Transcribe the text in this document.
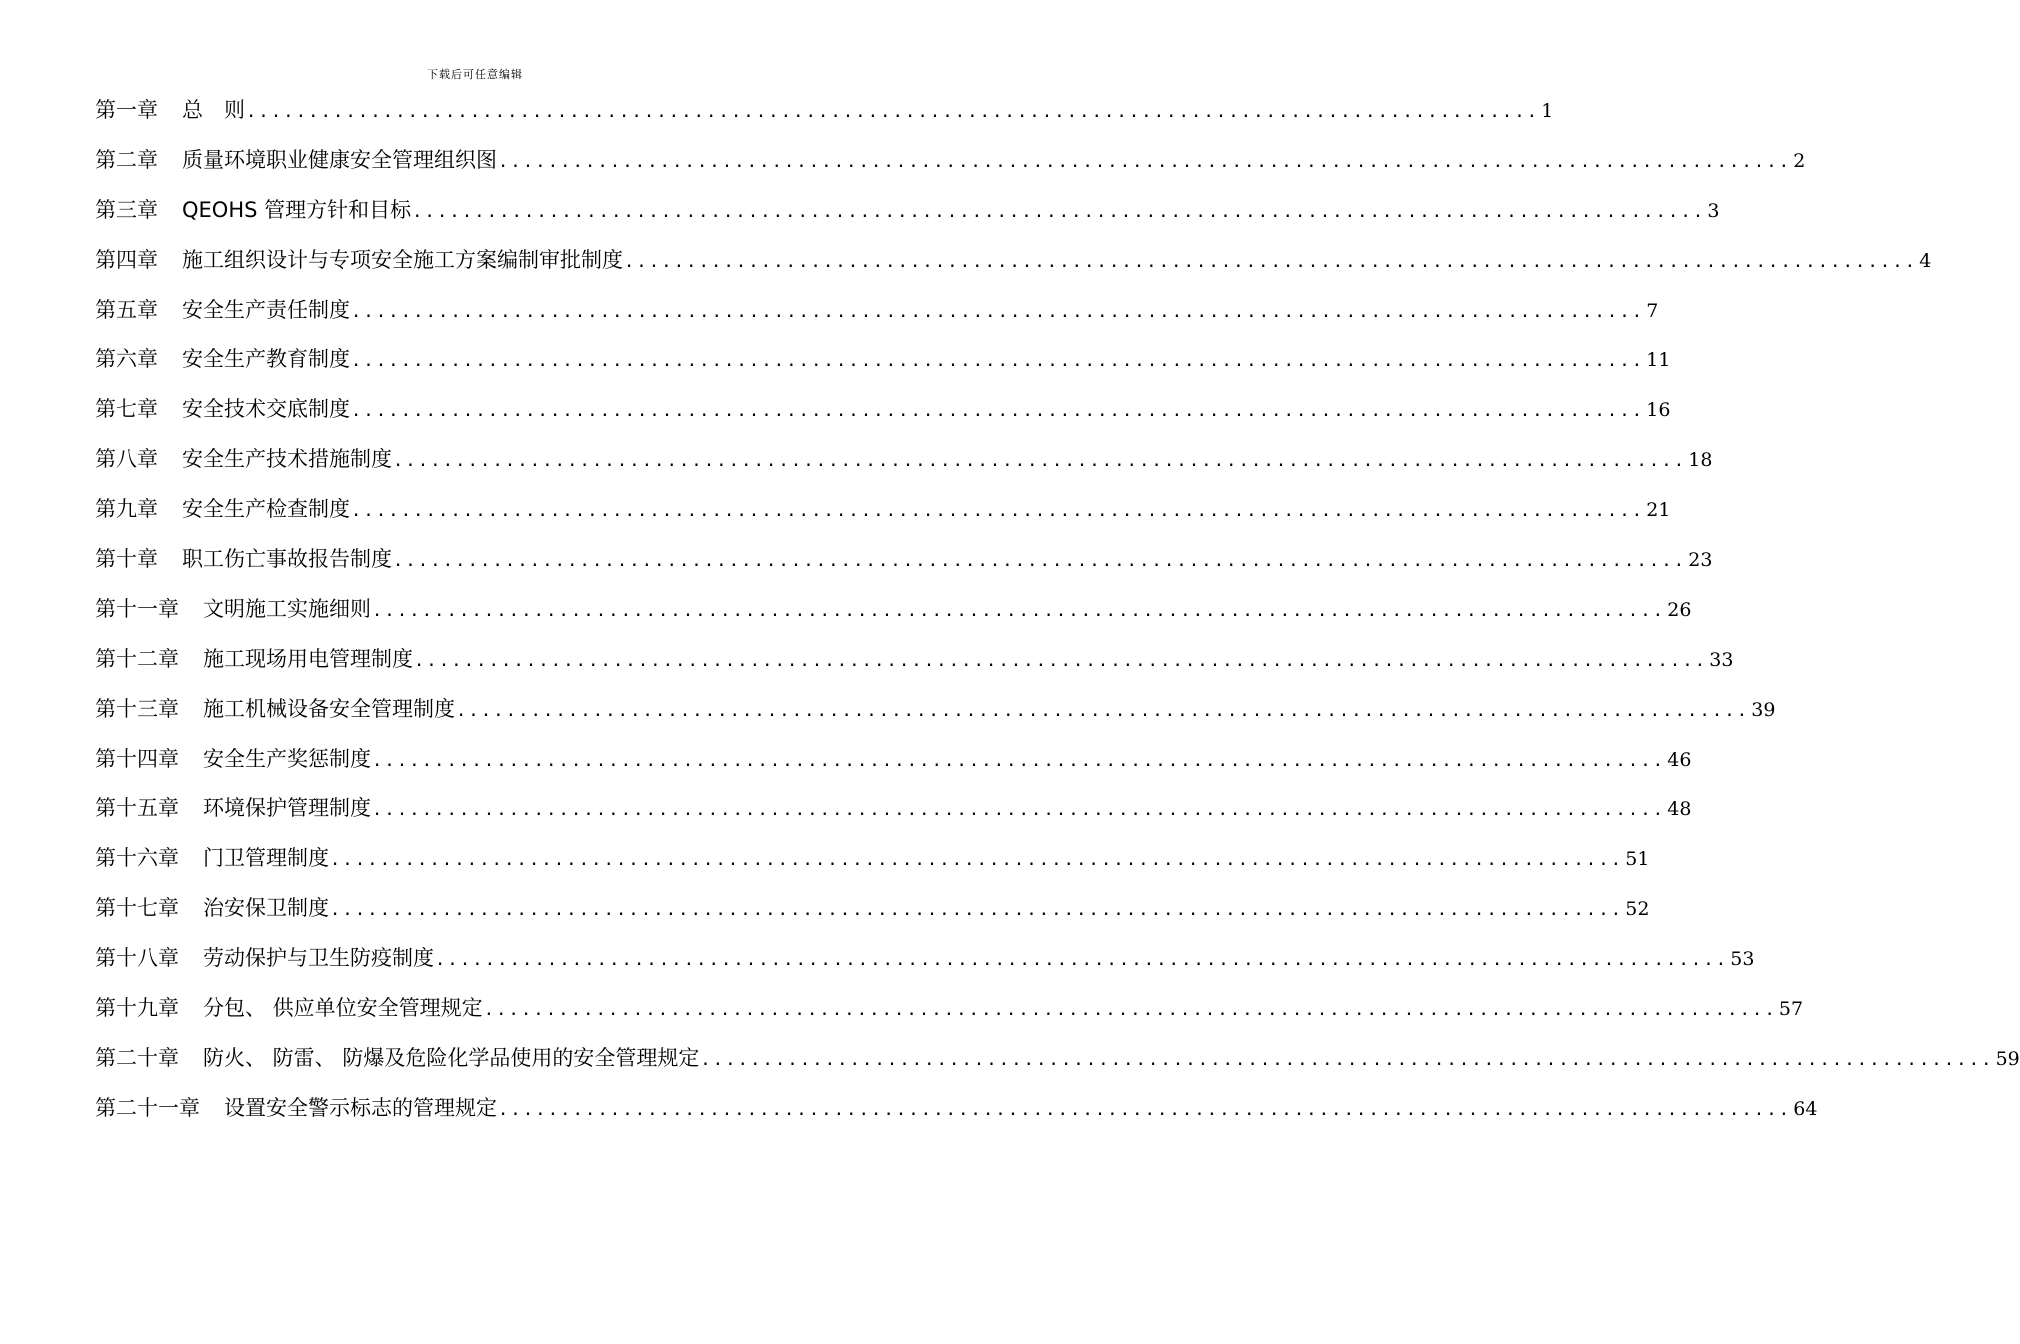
下载后可任意编辑
第一章 总　则 ........................................................................................................ 1
第二章 质量环境职业健康安全管理组织图 ........................................................................................................ 2
第三章 QEOHS 管理方针和目标 ........................................................................................................ 3
第四章 施工组织设计与专项安全施工方案编制审批制度 ........................................................................................................ 4
第五章 安全生产责任制度 ........................................................................................................ 7
第六章 安全生产教育制度 ........................................................................................................ 11
第七章 安全技术交底制度 ........................................................................................................ 16
第八章 安全生产技术措施制度 ........................................................................................................ 18
第九章 安全生产检查制度 ........................................................................................................ 21
第十章 职工伤亡事故报告制度 ........................................................................................................ 23
第十一章 文明施工实施细则 ........................................................................................................ 26
第十二章 施工现场用电管理制度 ........................................................................................................ 33
第十三章 施工机械设备安全管理制度 ........................................................................................................ 39
第十四章 安全生产奖惩制度 ........................................................................................................ 46
第十五章 环境保护管理制度 ........................................................................................................ 48
第十六章 门卫管理制度 ........................................................................................................ 51
第十七章 治安保卫制度 ........................................................................................................ 52
第十八章 劳动保护与卫生防疫制度 ........................................................................................................ 53
第十九章 分包、 供应单位安全管理规定 ........................................................................................................ 57
第二十章 防火、 防雷、 防爆及危险化学品使用的安全管理规定 ........................................................................................................ 59
第二十一章 设置安全警示标志的管理规定 ........................................................................................................ 64
